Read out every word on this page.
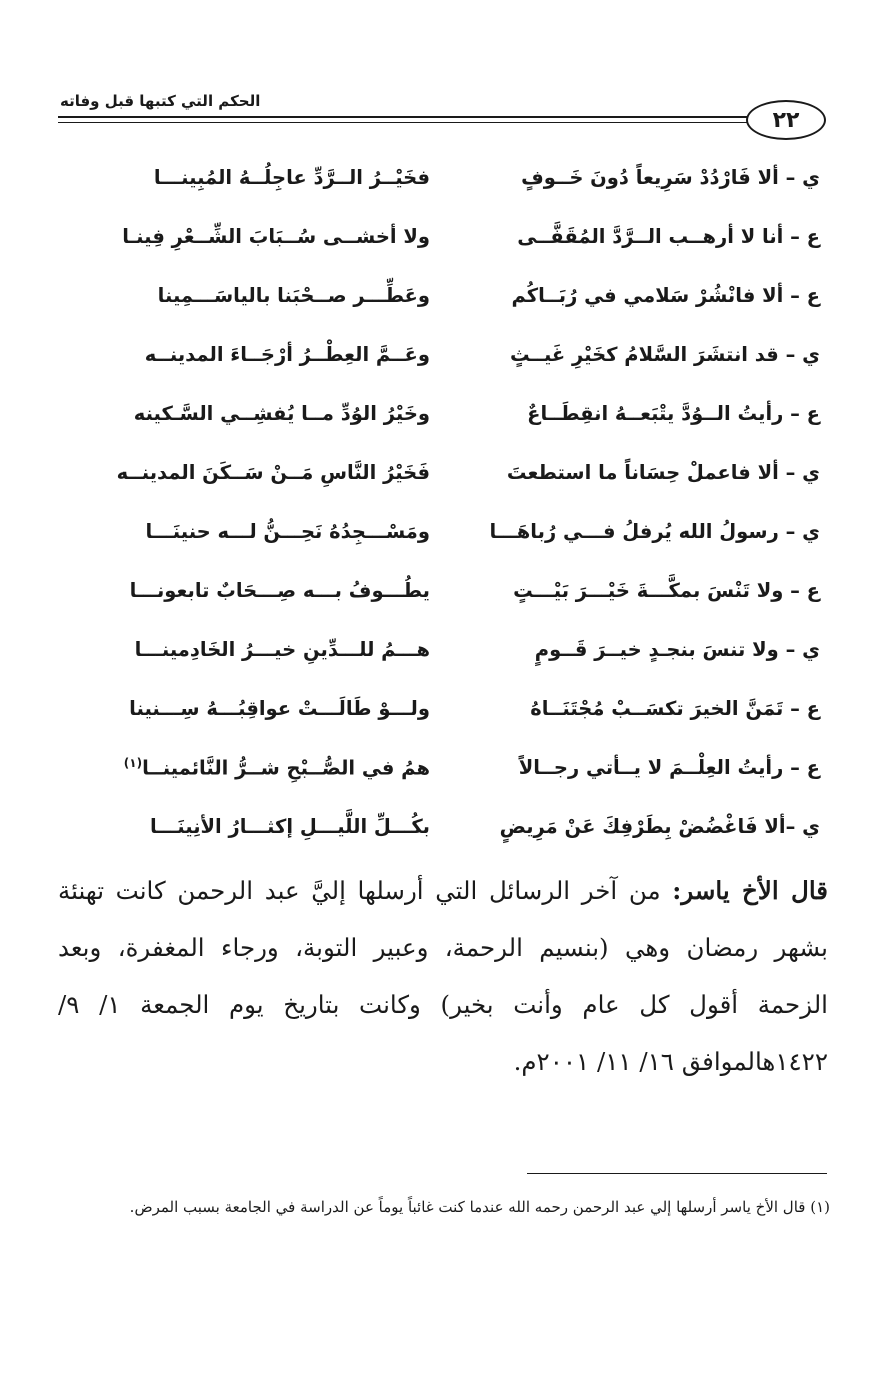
الحكم التي كتبها قبل وفاته
٢٢
ي – ألا فَارْدُدْ سَرِيعاً دُونَ خَــوفٍ
فخَيْــرُ الــرَّدِّ عاجِلُــهُ المُبِينـــا
ع – أنا لا أرهــب الــرَّدَّ المُقَفَّــى
ولا أخشــى سُــبَابَ الشِّــعْرِ فِينـا
ع – ألا فانْشُرْ سَلامي في رُبَــاكُم
وعَطِّـــر صــحْبَنا بالياسَـــمِينا
ي – قد انتشَرَ السَّلامُ كخَيْرِ غَيــثٍ
وعَــمَّ العِطْــرُ أرْجَــاءَ المدينــه
ع – رأيتُ الــوُدَّ يتْبَعــهُ انقِطَــاعٌ
وخَيْرُ الوُدِّ مــا يُفشِــي السَّـكينه
ي – ألا فاعملْ حِسَاناً ما استطعتَ
فَخَيْرُ النَّاسِ مَــنْ سَــكَنَ المدينــه
ي – رسولُ الله يُرفلُ فـــي رُباهَـــا
ومَسْـــجِدُهُ نَحِـــنُّ لـــه حنينَـــا
ع – ولا تَنْسَ بمكَّـــةَ خَيْـــرَ بَيْـــتٍ
يطُـــوفُ بـــه صِـــحَابٌ تابعونـــا
ي – ولا تنسَ بنجـدٍ خيــرَ قَــومٍ
هـــمُ للـــدِّينِ خيـــرُ الخَادِمينـــا
ع – تَمَنَّ الخيرَ تكسَــبْ مُجْتَنَــاهُ
ولـــوْ طَالَـــتْ عواقِبُـــهُ سِـــنينا
ع – رأيتُ العِلْــمَ لا يــأتي رجــالاً
همُ في الصُّــبْحِ شــرُّ النَّائمينــا$^{(١)}$
ي –ألا فَاغْضُضْ بِطَرْفِكَ عَنْ مَرِيضٍ
بكُـــلِّ اللَّيـــلِ إكثـــارُ الأنِينَـــا
قال الأخ ياسر: من آخر الرسائل التي أرسلها إليَّ عبد الرحمن كانت تهنئة بشهر رمضان وهي (بنسيم الرحمة، وعبير التوبة، ورجاء المغفرة، وبعد الزحمة أقول كل عام وأنت بخير) وكانت بتاريخ يوم الجمعة ١/ ٩/ ١٤٢٢هالموافق ١٦/ ١١/ ٢٠٠١م.
(١) قال الأخ ياسر أرسلها إلي عبد الرحمن رحمه الله عندما كنت غائباً يوماً عن الدراسة في الجامعة بسبب المرض.
